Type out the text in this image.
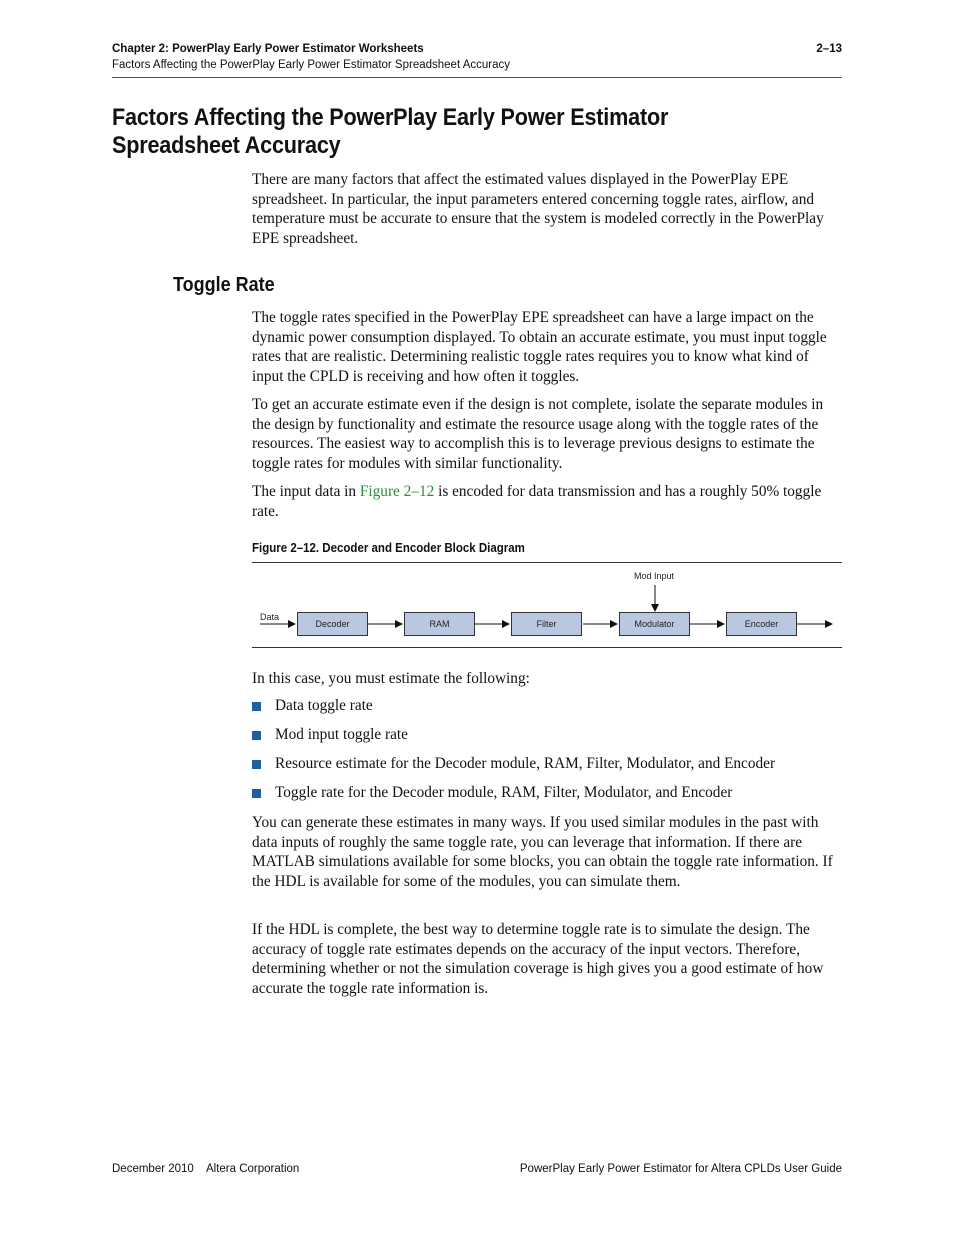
Chapter 2: PowerPlay Early Power Estimator Worksheets	2–13
Factors Affecting the PowerPlay Early Power Estimator Spreadsheet Accuracy
Factors Affecting the PowerPlay Early Power Estimator Spreadsheet Accuracy
There are many factors that affect the estimated values displayed in the PowerPlay EPE spreadsheet. In particular, the input parameters entered concerning toggle rates, airflow, and temperature must be accurate to ensure that the system is modeled correctly in the PowerPlay EPE spreadsheet.
Toggle Rate
The toggle rates specified in the PowerPlay EPE spreadsheet can have a large impact on the dynamic power consumption displayed. To obtain an accurate estimate, you must input toggle rates that are realistic. Determining realistic toggle rates requires you to know what kind of input the CPLD is receiving and how often it toggles.
To get an accurate estimate even if the design is not complete, isolate the separate modules in the design by functionality and estimate the resource usage along with the toggle rates of the resources. The easiest way to accomplish this is to leverage previous designs to estimate the toggle rates for modules with similar functionality.
The input data in Figure 2–12 is encoded for data transmission and has a roughly 50% toggle rate.
Figure 2–12. Decoder and Encoder Block Diagram
Data
Mod Input
Decoder	RAM	Filter	Modulator	Encoder
In this case, you must estimate the following:
Data toggle rate
Mod input toggle rate
Resource estimate for the Decoder module, RAM, Filter, Modulator, and Encoder
Toggle rate for the Decoder module, RAM, Filter, Modulator, and Encoder
You can generate these estimates in many ways. If you used similar modules in the past with data inputs of roughly the same toggle rate, you can leverage that information. If there are MATLAB simulations available for some blocks, you can obtain the toggle rate information. If the HDL is available for some of the modules, you can simulate them.
If the HDL is complete, the best way to determine toggle rate is to simulate the design. The accuracy of toggle rate estimates depends on the accuracy of the input vectors. Therefore, determining whether or not the simulation coverage is high gives you a good estimate of how accurate the toggle rate information is.
December 2010    Altera Corporation	PowerPlay Early Power Estimator for Altera CPLDs User Guide
